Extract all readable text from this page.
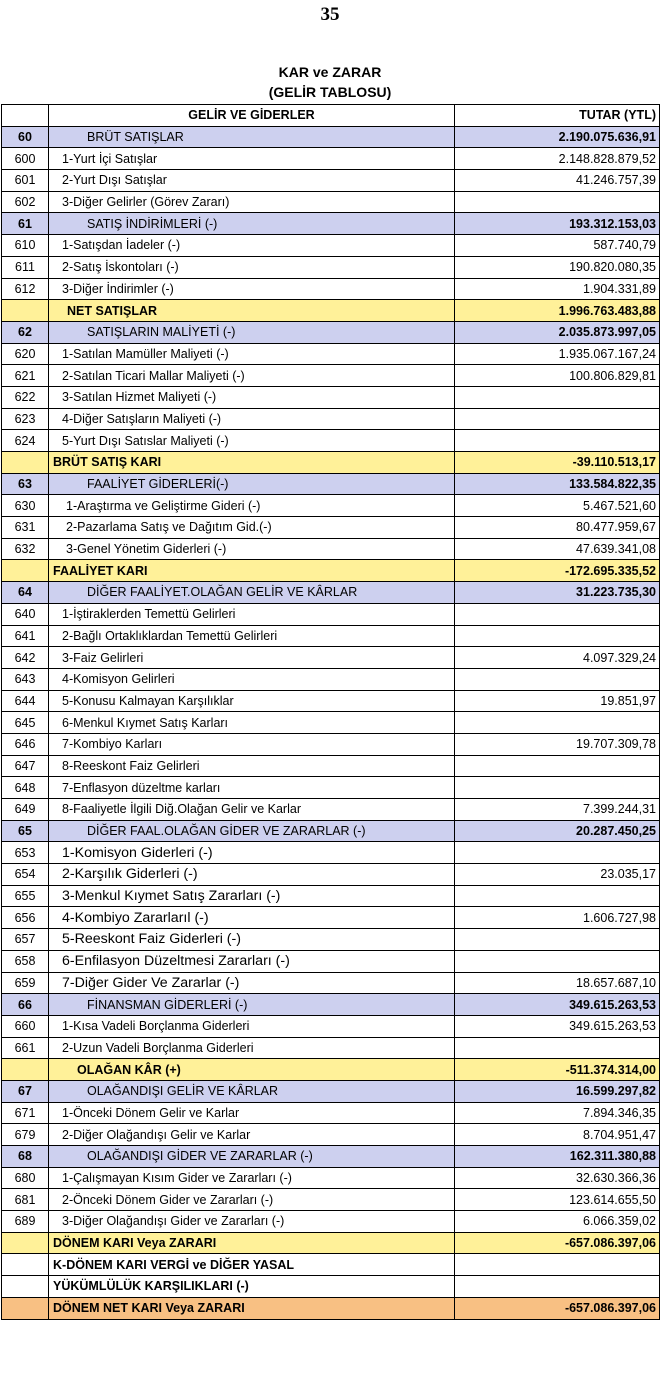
35
KAR ve ZARAR
(GELİR TABLOSU)
	GELİR VE GİDERLER	TUTAR (YTL)
60	BRÜT SATIŞLAR	2.190.075.636,91
600	1-Yurt İçi Satışlar	2.148.828.879,52
601	2-Yurt Dışı Satışlar	41.246.757,39
602	3-Diğer Gelirler (Görev Zararı)	
61	SATIŞ İNDİRİMLERİ (-)	193.312.153,03
610	1-Satışdan İadeler (-)	587.740,79
611	2-Satış İskontoları (-)	190.820.080,35
612	3-Diğer İndirimler (-)	1.904.331,89
	NET SATIŞLAR	1.996.763.483,88
62	SATIŞLARIN MALİYETİ (-)	2.035.873.997,05
620	1-Satılan Mamüller Maliyeti (-)	1.935.067.167,24
621	2-Satılan Ticari Mallar Maliyeti (-)	100.806.829,81
622	3-Satılan Hizmet Maliyeti (-)	
623	4-Diğer Satışların Maliyeti (-)	
624	5-Yurt Dışı Satıslar Maliyeti (-)	
	BRÜT SATIŞ KARI	-39.110.513,17
63	FAALİYET GİDERLERİ(-)	133.584.822,35
630	1-Araştırma ve Geliştirme Gideri (-)	5.467.521,60
631	2-Pazarlama Satış ve Dağıtım Gid.(-)	80.477.959,67
632	3-Genel Yönetim Giderleri (-)	47.639.341,08
	FAALİYET KARI	-172.695.335,52
64	DİĞER FAALİYET.OLAĞAN GELİR VE KÂRLAR	31.223.735,30
640	1-İştiraklerden Temettü Gelirleri	
641	2-Bağlı Ortaklıklardan Temettü Gelirleri	
642	3-Faiz Gelirleri	4.097.329,24
643	4-Komisyon Gelirleri	
644	5-Konusu Kalmayan Karşılıklar	19.851,97
645	6-Menkul Kıymet Satış Karları	
646	7-Kombiyo Karları	19.707.309,78
647	8-Reeskont Faiz Gelirleri	
648	7-Enflasyon düzeltme karları	
649	8-Faaliyetle İlgili Diğ.Olağan Gelir ve Karlar	7.399.244,31
65	DİĞER FAAL.OLAĞAN GİDER VE ZARARLAR (-)	20.287.450,25
653	1-Komisyon Giderleri (-)	
654	2-Karşılık Giderleri (-)	23.035,17
655	3-Menkul Kıymet Satış Zararları (-)	
656	4-Kombiyo Zararlarıl (-)	1.606.727,98
657	5-Reeskont Faiz Giderleri (-)	
658	6-Enfilasyon Düzeltmesi Zararları (-)	
659	7-Diğer Gider Ve Zararlar (-)	18.657.687,10
66	FİNANSMAN GİDERLERİ (-)	349.615.263,53
660	1-Kısa Vadeli Borçlanma Giderleri	349.615.263,53
661	2-Uzun Vadeli Borçlanma Giderleri	
	OLAĞAN KÂR (+)	-511.374.314,00
67	OLAĞANDIŞI GELİR VE KÂRLAR	16.599.297,82
671	1-Önceki Dönem Gelir ve Karlar	7.894.346,35
679	2-Diğer Olağandışı Gelir ve Karlar	8.704.951,47
68	OLAĞANDIŞI GİDER VE ZARARLAR (-)	162.311.380,88
680	1-Çalışmayan Kısım Gider ve Zararları (-)	32.630.366,36
681	2-Önceki Dönem Gider ve Zararları (-)	123.614.655,50
689	3-Diğer Olağandışı Gider ve Zararları (-)	6.066.359,02
	DÖNEM KARI Veya ZARARI	-657.086.397,06
	K-DÖNEM KARI VERGİ ve DİĞER YASAL	
	YÜKÜMLÜLÜK KARŞILIKLARI (-)	
	DÖNEM NET KARI Veya ZARARI	-657.086.397,06
